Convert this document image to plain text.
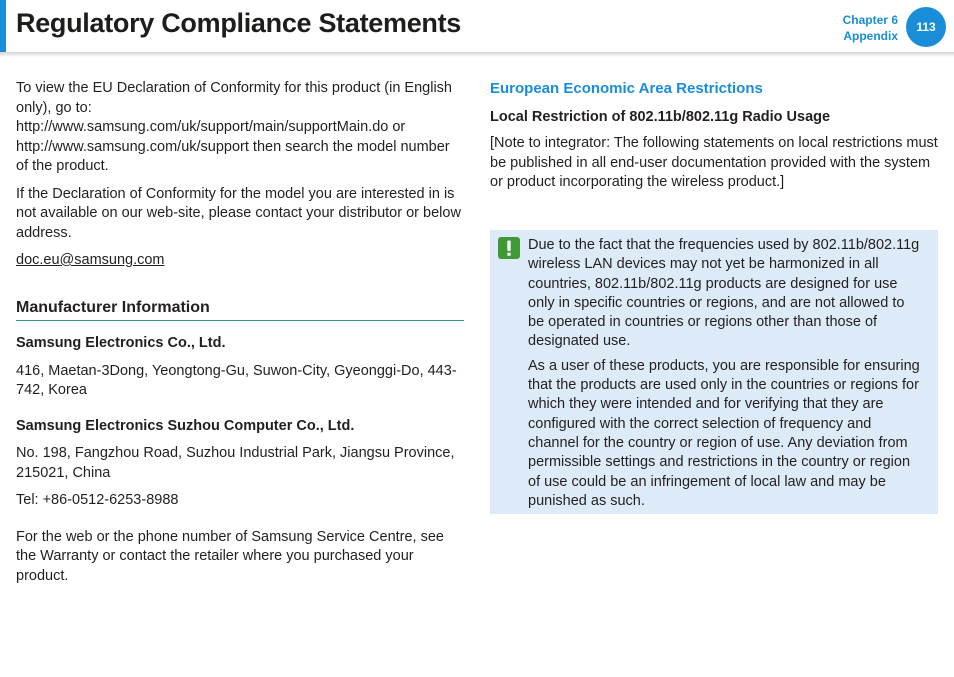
Regulatory Compliance Statements	Chapter 6
Appendix
113

To view the EU Declaration of Conformity for this product (in English only), go to: http://www.samsung.com/uk/support/main/supportMain.do or http://www.samsung.com/uk/support then search the model number of the product.

If the Declaration of Conformity for the model you are interested in is not available on our web-site, please contact your distributor or below address.

doc.eu@samsung.com

Manufacturer Information
Samsung Electronics Co., Ltd.

416, Maetan-3Dong, Yeongtong-Gu, Suwon-City, Gyeonggi-Do, 443-742, Korea

Samsung Electronics Suzhou Computer Co., Ltd.

No. 198, Fangzhou Road, Suzhou Industrial Park, Jiangsu Province, 215021, China

Tel: +86-0512-6253-8988

For the web or the phone number of Samsung Service Centre, see the Warranty or contact the retailer where you purchased your product.

European Economic Area Restrictions
Local Restriction of 802.11b/802.11g Radio Usage

[Note to integrator: The following statements on local restrictions must be published in all end-user documentation provided with the system or product incorporating the wireless product.]

Due to the fact that the frequencies used by 802.11b/802.11g wireless LAN devices may not yet be harmonized in all countries, 802.11b/802.11g products are designed for use only in specific countries or regions, and are not allowed to be operated in countries or regions other than those of designated use.

As a user of these products, you are responsible for ensuring that the products are used only in the countries or regions for which they were intended and for verifying that they are configured with the correct selection of frequency and channel for the country or region of use. Any deviation from permissible settings and restrictions in the country or region of use could be an infringement of local law and may be punished as such.
